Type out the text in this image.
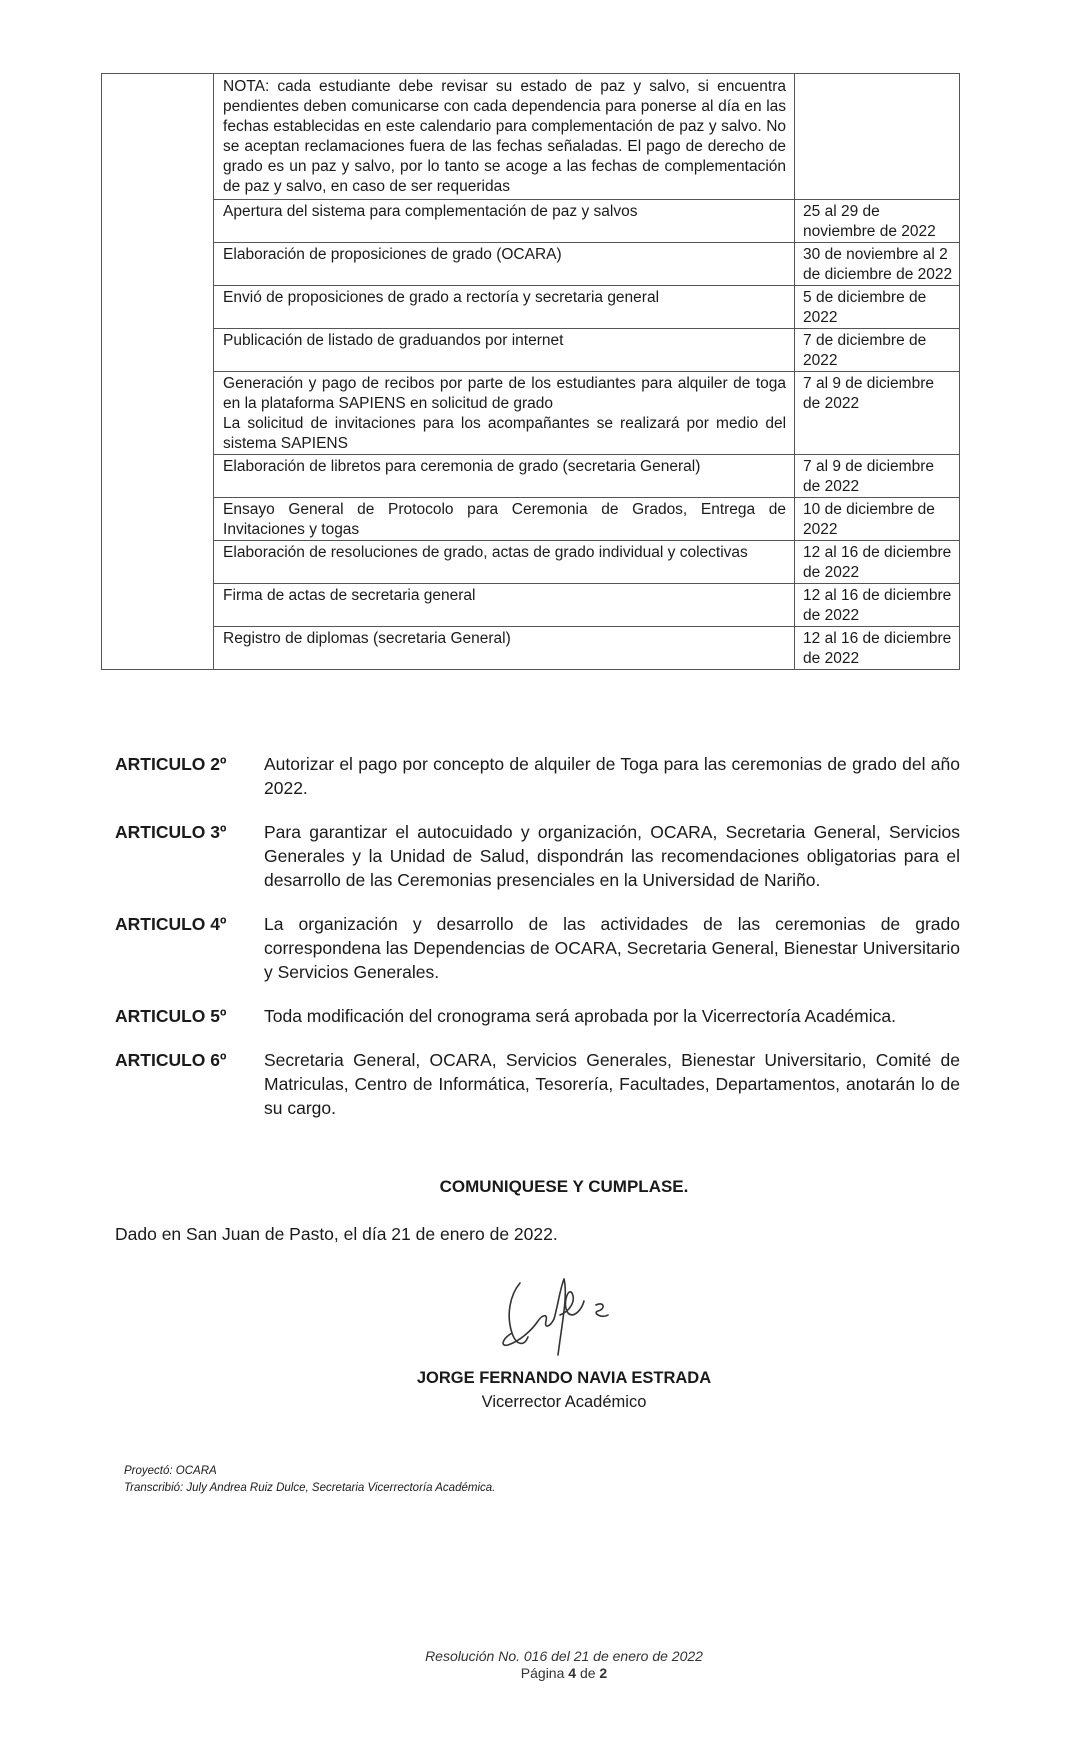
	NOTA: cada estudiante debe revisar su estado de paz y salvo, si encuentra pendientes deben comunicarse con cada dependencia para ponerse al día en las fechas establecidas en este calendario para complementación de paz y salvo. No se aceptan reclamaciones fuera de las fechas señaladas. El pago de derecho de grado es un paz y salvo, por lo tanto se acoge a las fechas de complementación de paz y salvo, en caso de ser requeridas	

	Apertura del sistema para complementación de paz y salvos	25 al 29 de noviembre de 2022

	Elaboración de proposiciones de grado (OCARA)	30 de noviembre al 2 de diciembre de 2022

	Envió de proposiciones de grado a rectoría y secretaria general	5 de diciembre de 2022

	Publicación de listado de graduandos por internet	7 de diciembre de 2022

	Generación y pago de recibos por parte de los estudiantes para alquiler de toga en la plataforma SAPIENS en solicitud de grado
La solicitud de invitaciones para los acompañantes se realizará por medio del sistema SAPIENS	7 al 9 de diciembre de 2022

	Elaboración de libretos para ceremonia de grado (secretaria General)	7 al 9 de diciembre de 2022

	Ensayo General de Protocolo para Ceremonia de Grados, Entrega de Invitaciones y togas	10 de diciembre de 2022

	Elaboración de resoluciones de grado, actas de grado individual y colectivas	12 al 16 de diciembre de 2022

	Firma de actas de secretaria general	12 al 16 de diciembre de 2022

	Registro de diplomas (secretaria General)	12 al 16 de diciembre de 2022
ARTICULO 2º	Autorizar el pago por concepto de alquiler de Toga para las ceremonias de grado del año 2022.
ARTICULO 3º	Para garantizar el autocuidado y organización, OCARA, Secretaria General, Servicios Generales y la Unidad de Salud, dispondrán las recomendaciones obligatorias para el desarrollo de las Ceremonias presenciales en la Universidad de Nariño.
ARTICULO 4º	La organización y desarrollo de las actividades de las ceremonias de grado correspondena las Dependencias de OCARA, Secretaria General, Bienestar Universitario y Servicios Generales.
ARTICULO 5º	Toda modificación del cronograma será aprobada por la Vicerrectoría Académica.
ARTICULO 6º	Secretaria General, OCARA, Servicios Generales, Bienestar Universitario, Comité de Matriculas, Centro de Informática, Tesorería, Facultades, Departamentos, anotarán lo de su cargo.
COMUNIQUESE Y CUMPLASE.
Dado en San Juan de Pasto, el día 21 de enero de 2022.
JORGE FERNANDO NAVIA ESTRADA
Vicerrector Académico
Proyectó: OCARA
Transcribió: July Andrea Ruiz Dulce, Secretaria Vicerrectoría Académica.
Resolución No. 016 del 21 de enero de 2022
Página 4 de 2
